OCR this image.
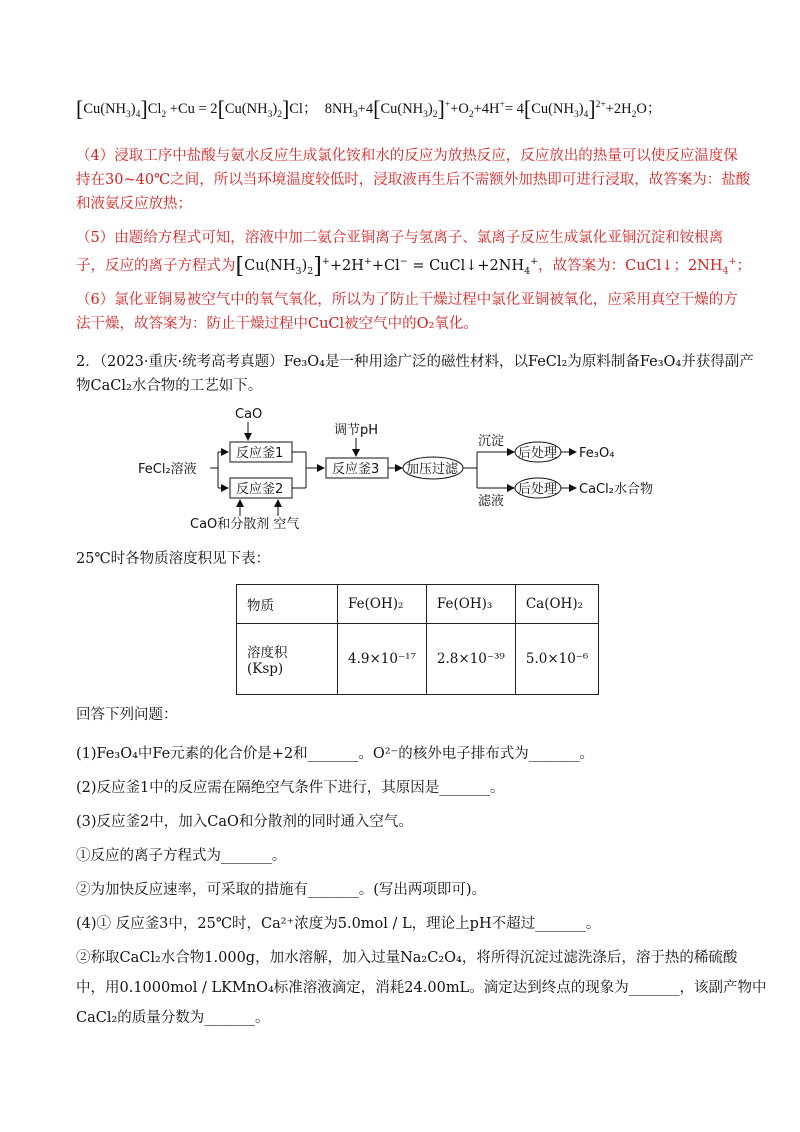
$[Cu(NH_3)_4]Cl_2 +Cu = 2[Cu(NH_3)_2]Cl$； $8NH_3+4[Cu(NH_3)_2]^++O_2+4H^+= 4[Cu(NH_3)_4]^{2+}+2H_2O$；
（4）浸取工序中盐酸与氨水反应生成氯化铵和水的反应为放热反应，反应放出的热量可以使反应温度保
持在30~40℃之间，所以当环境温度较低时，浸取液再生后不需额外加热即可进行浸取，故答案为：盐酸
和液氨反应放热；
（5）由题给方程式可知，溶液中加二氨合亚铜离子与氢离子、氯离子反应生成氯化亚铜沉淀和铵根离
子，反应的离子方程式为$[Cu(NH_3)_2]^++2H^++Cl^-$ = $CuCl↓+2NH_4^+$，故答案为：CuCl↓；$2NH_4^+$；
（6）氯化亚铜易被空气中的氧气氧化，所以为了防止干燥过程中氯化亚铜被氧化，应采用真空干燥的方
法干燥，故答案为：防止干燥过程中CuCl被空气中的O₂氧化。
2．（2023·重庆·统考高考真题）Fe₃O₄是一种用途广泛的磁性材料，以FeCl₂为原料制备Fe₃O₄并获得副产
物CaCl₂水合物的工艺如下。
CaO
反应釜1
反应釜2
FeCl₂溶液
调节pH
反应釜3 加压过滤
沉淀
滤液
后处理
后处理
Fe₃O₄
CaCl₂水合物
CaO和分散剂 空气
25℃时各物质溶度积见下表：
物质	Fe(OH)₂	Fe(OH)₃	Ca(OH)₂

溶度积
(Ksp)	4.9×10⁻¹⁷	2.8×10⁻³⁹	5.0×10⁻⁶
回答下列问题：
(1)Fe₃O₄中Fe元素的化合价是+2和_______。O²⁻的核外电子排布式为_______。
(2)反应釜1中的反应需在隔绝空气条件下进行，其原因是_______。
(3)反应釜2中，加入CaO和分散剂的同时通入空气。
①反应的离子方程式为_______。
②为加快反应速率，可采取的措施有_______。(写出两项即可)。
(4)① 反应釜3中，25℃时，Ca²⁺浓度为5.0mol / L，理论上pH不超过_______。
②称取CaCl₂水合物1.000g，加水溶解，加入过量Na₂C₂O₄，将所得沉淀过滤洗涤后，溶于热的稀硫酸
中，用0.1000mol / LKMnO₄标准溶液滴定，消耗24.00mL。滴定达到终点的现象为_______，该副产物中
CaCl₂的质量分数为_______。
